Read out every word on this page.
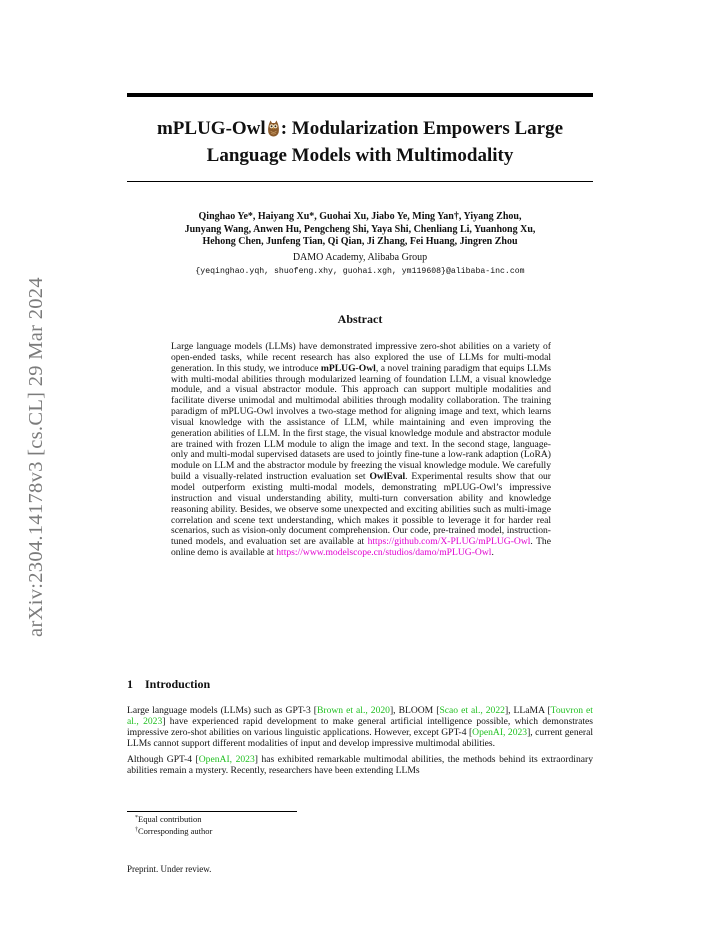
arXiv:2304.14178v3 [cs.CL] 29 Mar 2024
mPLUG-Owl : Modularization Empowers Large
Language Models with Multimodality
Qinghao Ye*, Haiyang Xu*, Guohai Xu, Jiabo Ye, Ming Yan†, Yiyang Zhou,
Junyang Wang, Anwen Hu, Pengcheng Shi, Yaya Shi, Chenliang Li, Yuanhong Xu,
Hehong Chen, Junfeng Tian, Qi Qian, Ji Zhang, Fei Huang, Jingren Zhou
DAMO Academy, Alibaba Group
{yeqinghao.yqh, shuofeng.xhy, guohai.xgh, ym119608}@alibaba-inc.com
Abstract
Large language models (LLMs) have demonstrated impressive zero-shot abilities on a variety of open-ended tasks, while recent research has also explored the use of LLMs for multi-modal generation. In this study, we introduce mPLUG-Owl, a novel training paradigm that equips LLMs with multi-modal abilities through modularized learning of foundation LLM, a visual knowledge module, and a visual abstractor module. This approach can support multiple modalities and facilitate diverse unimodal and multimodal abilities through modality collaboration. The training paradigm of mPLUG-Owl involves a two-stage method for aligning image and text, which learns visual knowledge with the assistance of LLM, while maintaining and even improving the generation abilities of LLM. In the first stage, the visual knowledge module and abstractor module are trained with frozen LLM module to align the image and text. In the second stage, language-only and multi-modal supervised datasets are used to jointly fine-tune a low-rank adaption (LoRA) module on LLM and the abstractor module by freezing the visual knowledge module. We carefully build a visually-related instruction evaluation set OwlEval. Experimental results show that our model outperform existing multi-modal models, demonstrating mPLUG-Owl’s impressive instruction and visual understanding ability, multi-turn conversation ability and knowledge reasoning ability. Besides, we observe some unexpected and exciting abilities such as multi-image correlation and scene text understanding, which makes it possible to leverage it for harder real scenarios, such as vision-only document comprehension. Our code, pre-trained model, instruction-tuned models, and evaluation set are available at https://github.com/X-PLUG/mPLUG-Owl. The online demo is available at https://www.modelscope.cn/studios/damo/mPLUG-Owl.
1 Introduction

Large language models (LLMs) such as GPT-3 [Brown et al., 2020], BLOOM [Scao et al., 2022], LLaMA [Touvron et al., 2023] have experienced rapid development to make general artificial intelligence possible, which demonstrates impressive zero-shot abilities on various linguistic applications. However, except GPT-4 [OpenAI, 2023], current general LLMs cannot support different modalities of input and develop impressive multimodal abilities.

Although GPT-4 [OpenAI, 2023] has exhibited remarkable multimodal abilities, the methods behind its extraordinary abilities remain a mystery. Recently, researchers have been extending LLMs

*Equal contribution
†Corresponding author
Preprint. Under review.
